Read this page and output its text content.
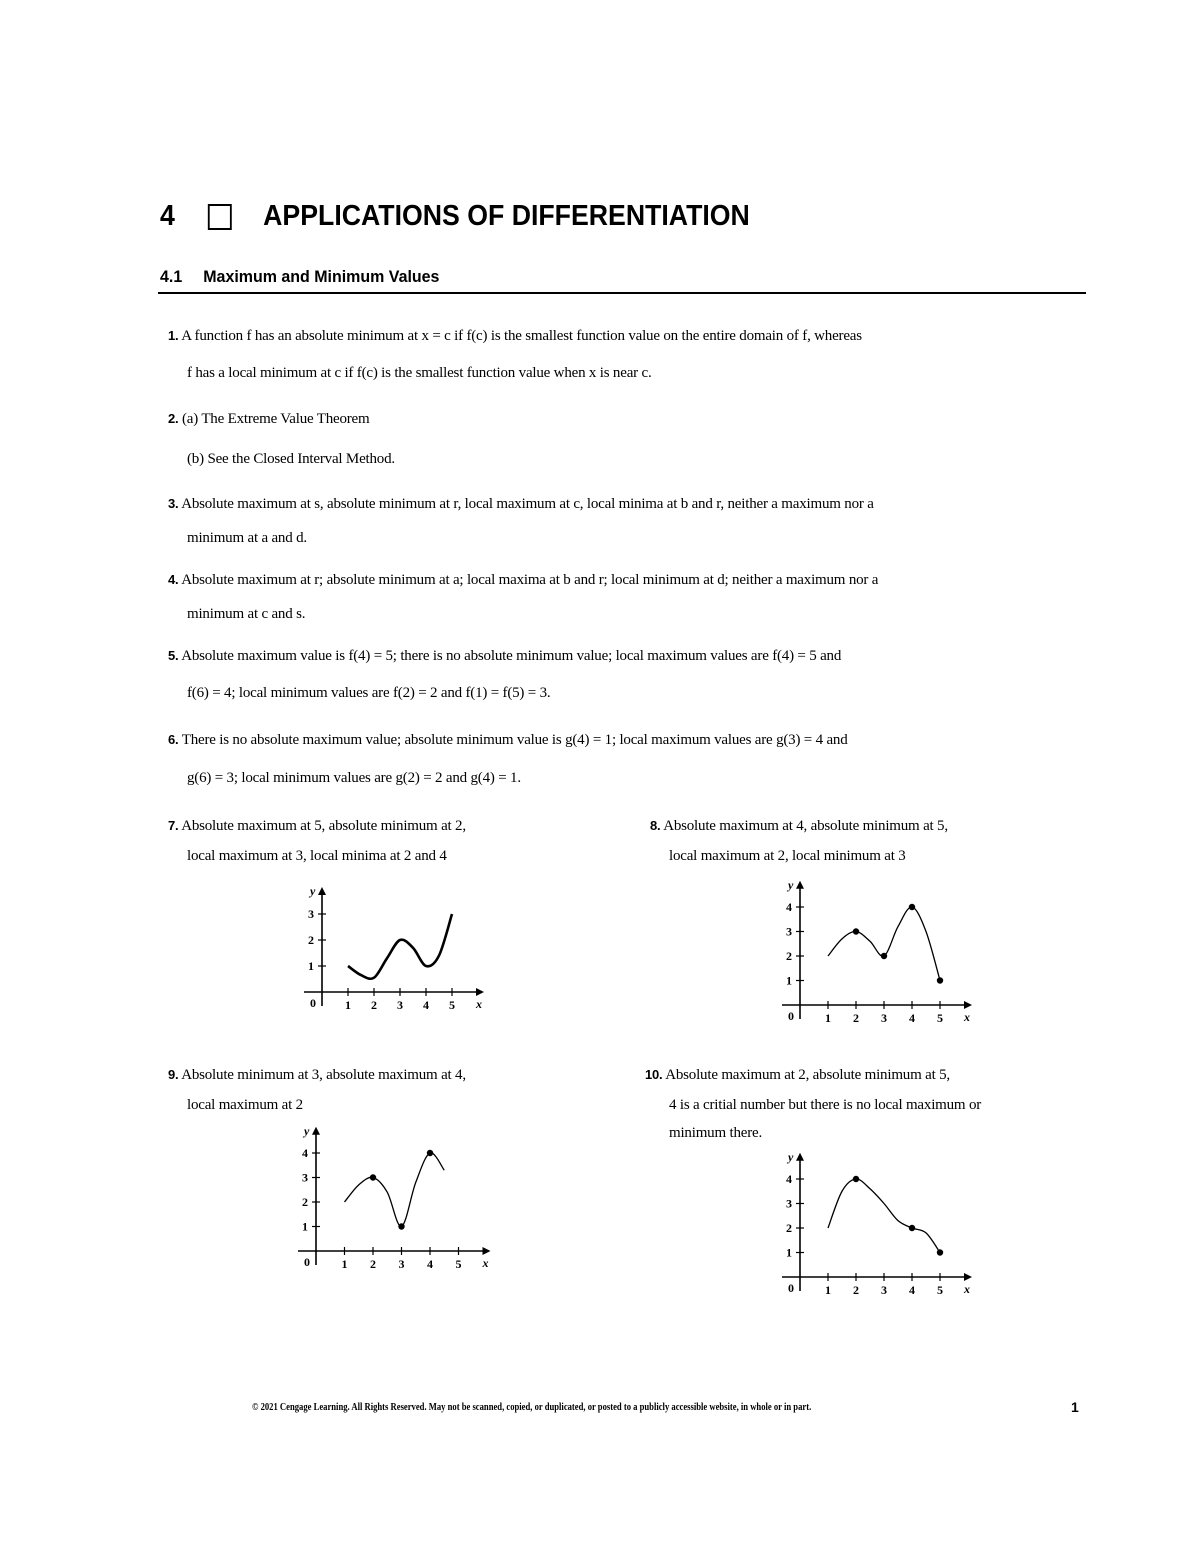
4	APPLICATIONS OF DIFFERENTIATION
4.1 Maximum and Minimum Values
1. A function f has an absolute minimum at x = c if f(c) is the smallest function value on the entire domain of f, whereas
f has a local minimum at c if f(c) is the smallest function value when x is near c.
2. (a) The Extreme Value Theorem
(b) See the Closed Interval Method.
3. Absolute maximum at s, absolute minimum at r, local maximum at c, local minima at b and r, neither a maximum nor a
minimum at a and d.
4. Absolute maximum at r; absolute minimum at a; local maxima at b and r; local minimum at d; neither a maximum nor a
minimum at c and s.
5. Absolute maximum value is f(4) = 5; there is no absolute minimum value; local maximum values are f(4) = 5 and
f(6) = 4; local minimum values are f(2) = 2 and f(1) = f(5) = 3.
6. There is no absolute maximum value; absolute minimum value is g(4) = 1; local maximum values are g(3) = 4 and
g(6) = 3; local minimum values are g(2) = 2 and g(4) = 1.
7. Absolute maximum at 5, absolute minimum at 2,
local maximum at 3, local minima at 2 and 4
8. Absolute maximum at 4, absolute minimum at 5,
local maximum at 2, local minimum at 3
9. Absolute minimum at 3, absolute maximum at 4,
local maximum at 2
10. Absolute maximum at 2, absolute minimum at 5,
4 is a critial number but there is no local maximum or
minimum there.
1 2 3 4 5
1
2
3
0
y
x
1 2 3 4 5
1
2
3
4
0
y
x
1 2 3 4 5
1
2
3
4
0
y
x
1 2 3 4 5
1
2
3
4
0
y
x
© 2021 Cengage Learning. All Rights Reserved. May not be scanned, copied, or duplicated, or posted to a publicly accessible website, in whole or in part.	1
